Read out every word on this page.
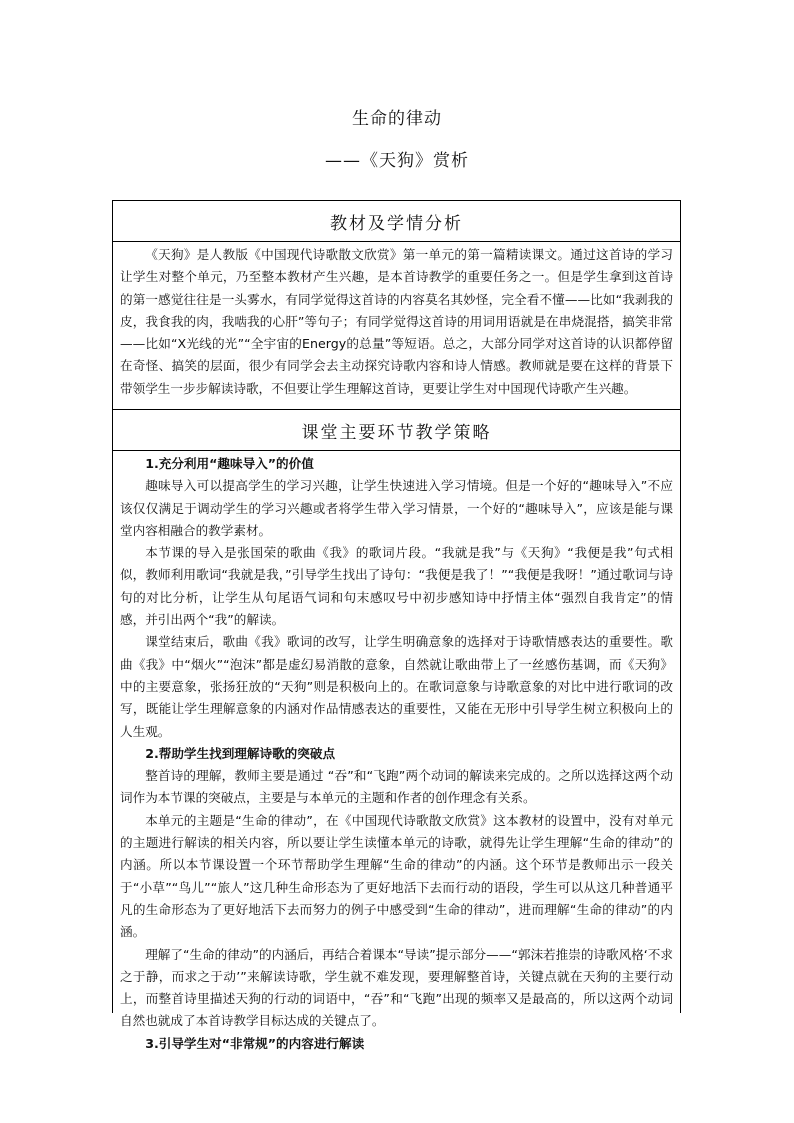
生命的律动
——《天狗》赏析
教材及学情分析

《天狗》是人教版《中国现代诗歌散文欣赏》第一单元的第一篇精读课文。通过这首诗的学习让学生对整个单元，乃至整本教材产生兴趣，是本首诗教学的重要任务之一。但是学生拿到这首诗的第一感觉往往是一头雾水，有同学觉得这首诗的内容莫名其妙怪，完全看不懂——比如“我剥我的皮，我食我的肉，我啮我的心肝”等句子；有同学觉得这首诗的用词用语就是在串烧混搭，搞笑非常——比如“X光线的光”“全宇宙的Energy的总量”等短语。总之，大部分同学对这首诗的认识都停留在奇怪、搞笑的层面，很少有同学会去主动探究诗歌内容和诗人情感。教师就是要在这样的背景下带领学生一步步解读诗歌，不但要让学生理解这首诗，更要让学生对中国现代诗歌产生兴趣。

课堂主要环节教学策略

1.充分利用“趣味导入”的价值

趣味导入可以提高学生的学习兴趣，让学生快速进入学习情境。但是一个好的“趣味导入”不应该仅仅满足于调动学生的学习兴趣或者将学生带入学习情景，一个好的“趣味导入”，应该是能与课堂内容相融合的教学素材。

本节课的导入是张国荣的歌曲《我》的歌词片段。“我就是我”与《天狗》“我便是我”句式相似，教师利用歌词“我就是我，”引导学生找出了诗句：“我便是我了！”“我便是我呀！”通过歌词与诗句的对比分析，让学生从句尾语气词和句末感叹号中初步感知诗中抒情主体“强烈自我肯定”的情感，并引出两个“我”的解读。

课堂结束后，歌曲《我》歌词的改写，让学生明确意象的选择对于诗歌情感表达的重要性。歌曲《我》中“烟火”“泡沫”都是虚幻易消散的意象，自然就让歌曲带上了一丝感伤基调，而《天狗》中的主要意象，张扬狂放的“天狗”则是积极向上的。在歌词意象与诗歌意象的对比中进行歌词的改写，既能让学生理解意象的内涵对作品情感表达的重要性，又能在无形中引导学生树立积极向上的人生观。

2.帮助学生找到理解诗歌的突破点

整首诗的理解，教师主要是通过 “吞”和“飞跑”两个动词的解读来完成的。之所以选择这两个动词作为本节课的突破点，主要是与本单元的主题和作者的创作理念有关系。

本单元的主题是“生命的律动”，在《中国现代诗歌散文欣赏》这本教材的设置中，没有对单元的主题进行解读的相关内容，所以要让学生读懂本单元的诗歌，就得先让学生理解“生命的律动”的内涵。所以本节课设置一个环节帮助学生理解“生命的律动”的内涵。这个环节是教师出示一段关于“小草”“鸟儿”“旅人”这几种生命形态为了更好地活下去而行动的语段，学生可以从这几种普通平凡的生命形态为了更好地活下去而努力的例子中感受到“生命的律动”，进而理解“生命的律动”的内涵。

理解了“生命的律动”的内涵后，再结合着课本“导读”提示部分——“郭沫若推崇的诗歌风格‘不求之于静，而求之于动’”来解读诗歌，学生就不难发现，要理解整首诗，关键点就在天狗的主要行动上，而整首诗里描述天狗的行动的词语中，“吞”和“飞跑”出现的频率又是最高的，所以这两个动词自然也就成了本首诗教学目标达成的关键点了。

3.引导学生对“非常规”的内容进行解读
